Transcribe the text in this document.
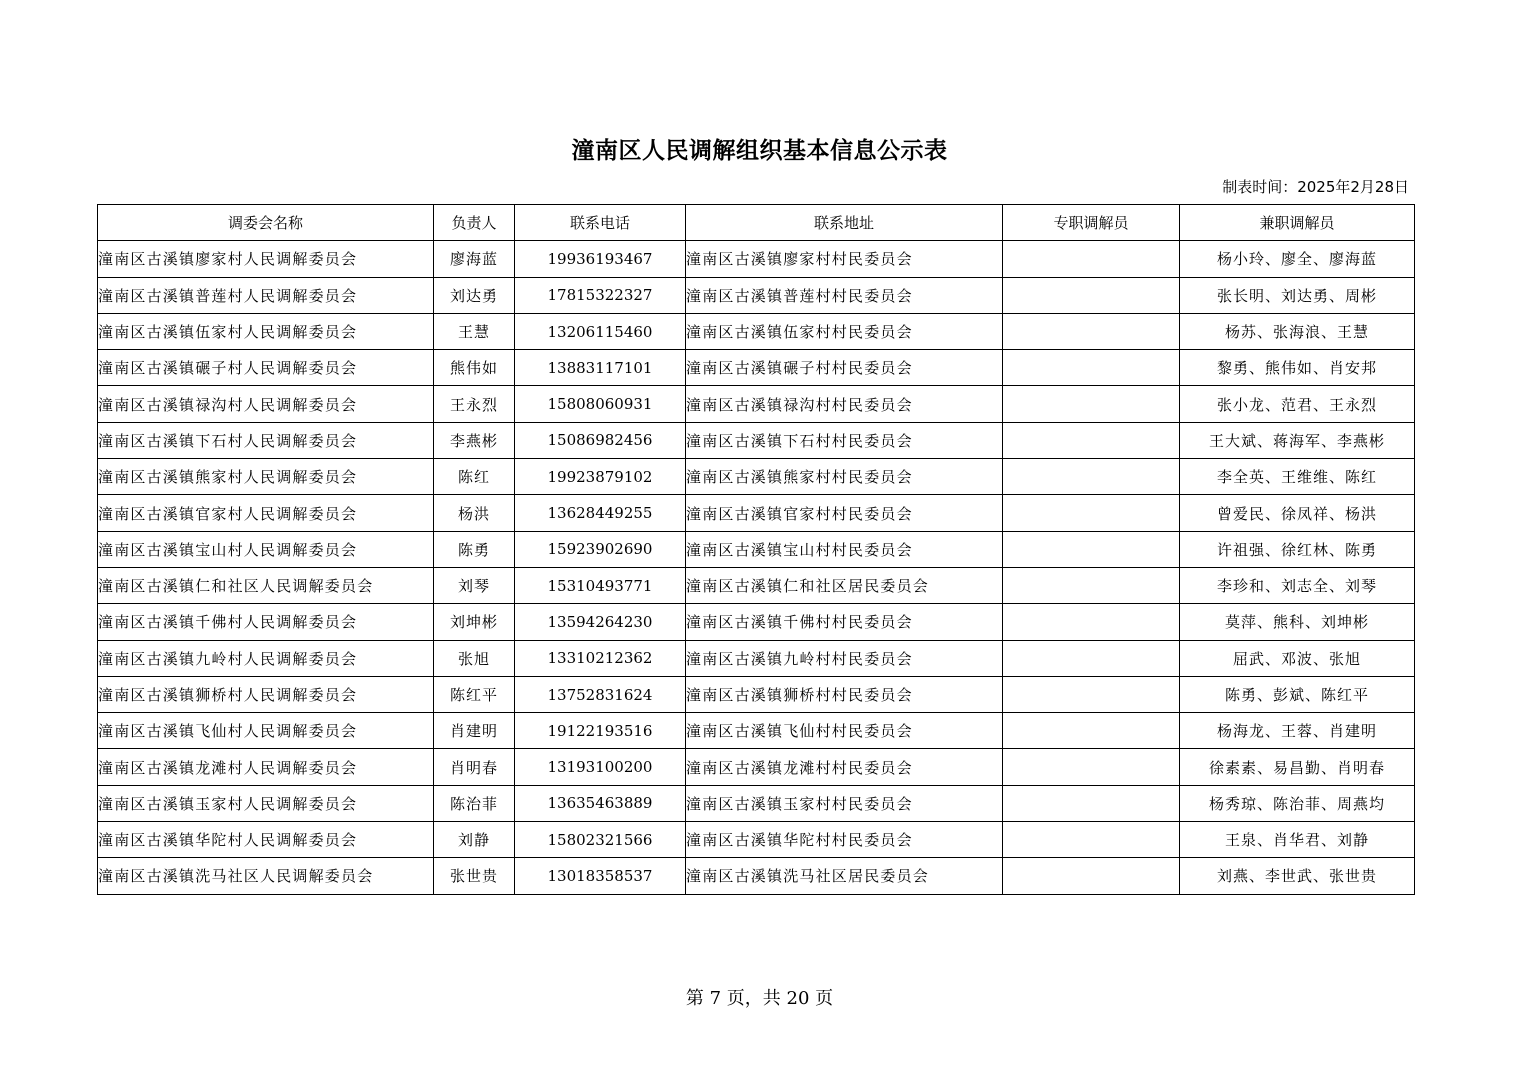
潼南区人民调解组织基本信息公示表
制表时间：2025年2月28日
调委会名称	负责人	联系电话	联系地址	专职调解员	兼职调解员
潼南区古溪镇廖家村人民调解委员会	廖海蓝	19936193467	潼南区古溪镇廖家村村民委员会		杨小玲、廖全、廖海蓝
潼南区古溪镇普莲村人民调解委员会	刘达勇	17815322327	潼南区古溪镇普莲村村民委员会		张长明、刘达勇、周彬
潼南区古溪镇伍家村人民调解委员会	王慧	13206115460	潼南区古溪镇伍家村村民委员会		杨苏、张海浪、王慧
潼南区古溪镇碾子村人民调解委员会	熊伟如	13883117101	潼南区古溪镇碾子村村民委员会		黎勇、熊伟如、肖安邦
潼南区古溪镇禄沟村人民调解委员会	王永烈	15808060931	潼南区古溪镇禄沟村村民委员会		张小龙、范君、王永烈
潼南区古溪镇下石村人民调解委员会	李燕彬	15086982456	潼南区古溪镇下石村村民委员会		王大斌、蒋海军、李燕彬
潼南区古溪镇熊家村人民调解委员会	陈红	19923879102	潼南区古溪镇熊家村村民委员会		李全英、王维维、陈红
潼南区古溪镇官家村人民调解委员会	杨洪	13628449255	潼南区古溪镇官家村村民委员会		曾爱民、徐凤祥、杨洪
潼南区古溪镇宝山村人民调解委员会	陈勇	15923902690	潼南区古溪镇宝山村村民委员会		许祖强、徐红林、陈勇
潼南区古溪镇仁和社区人民调解委员会	刘琴	15310493771	潼南区古溪镇仁和社区居民委员会		李珍和、刘志全、刘琴
潼南区古溪镇千佛村人民调解委员会	刘坤彬	13594264230	潼南区古溪镇千佛村村民委员会		莫萍、熊科、刘坤彬
潼南区古溪镇九岭村人民调解委员会	张旭	13310212362	潼南区古溪镇九岭村村民委员会		屈武、邓波、张旭
潼南区古溪镇狮桥村人民调解委员会	陈红平	13752831624	潼南区古溪镇狮桥村村民委员会		陈勇、彭斌、陈红平
潼南区古溪镇飞仙村人民调解委员会	肖建明	19122193516	潼南区古溪镇飞仙村村民委员会		杨海龙、王蓉、肖建明
潼南区古溪镇龙滩村人民调解委员会	肖明春	13193100200	潼南区古溪镇龙滩村村民委员会		徐素素、易昌勤、肖明春
潼南区古溪镇玉家村人民调解委员会	陈治菲	13635463889	潼南区古溪镇玉家村村民委员会		杨秀琼、陈治菲、周燕均
潼南区古溪镇华陀村人民调解委员会	刘静	15802321566	潼南区古溪镇华陀村村民委员会		王泉、肖华君、刘静
潼南区古溪镇洗马社区人民调解委员会	张世贵	13018358537	潼南区古溪镇洗马社区居民委员会		刘燕、李世武、张世贵
第 7 页，共 20 页
